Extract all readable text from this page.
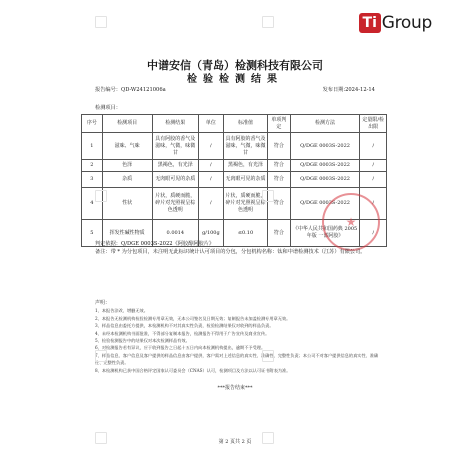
Ti Group
中谱安信（青岛）检测科技有限公司
检验检测结果
报告编号：QD-W24121006a	发布日期:2024-12-14
检测项目：
序号	检测项目	检测结果	单位	标准值	单项判定	检测方法	定量限/检出限
1	滋味、气味	具有阿胶的香气及滋味，气微，味微甘	/	具有阿胶的香气及滋味，气微，味微甘	符合	Q/DGE 0003S-2022	/
2	色泽	黑褐色，有光泽	/	黑褐色，有光泽	符合	Q/DGE 0003S-2022	/
3	杂质	无肉眼可见的杂质	/	无肉眼可见的杂质	符合	Q/DGE 0003S-2022	/
4	性状	片状，质硬而脆，碎片对光照视呈棕色透明	/	片状，质硬而脆，碎片对光照视呈棕色透明	符合	Q/DGE 0003S-2022	/
5	挥发性碱性物质	0.0014	g/100g	≤0.10	符合	《中华人民共和国药典 2005 年版 一部阿胶》	/
★
判定依据：Q/DGE 0003S-2022《阿胶醇阿胶片》
备注：带 * 为分包项目，未注明无此标识统计认可项目的分包，分包机构名称：钛和中谱检测技术（江苏）有限公司。
声明：
1、本报告涂改、增删无效。
2、本报告无检测机构检验检测专用章无效，无本公司签名及日期无效；复制报告未加盖检测专用章无效。
3、样品信息由委托方提供，本检测机构不对其真实性负责，检验检测结果仅对收到的样品负责。
4、未经本检测机构书面批准，不得部分复制本报告，检测报告不得用于广告宣传及商业宣传。
5、检验检测报告中的结果仅对本次检测样品有效。
6、对检测报告若有异议，应于收到报告之日起十五日内向本检测机构提出，逾期不予受理。
7、样品信息、客户信息及客户提供的样品信息由客户提供，客户需对上述信息的真实性、准确性、完整性负责；本公司不对客户提供信息的真实性、准确性、完整性负责。
8、本检测机构已获中国合格评定国家认可委员会（CNAS）认可，检测项目及方法以认可证书附表为准。
***报告结束***
第 2 页共 2 页
